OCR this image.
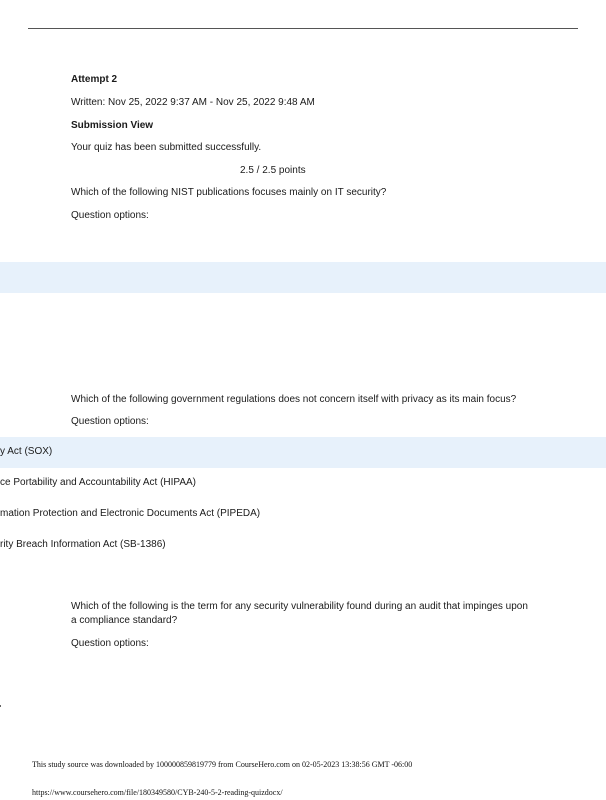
Attempt 2
Written: Nov 25, 2022 9:37 AM - Nov 25, 2022 9:48 AM
Submission View
Your quiz has been submitted successfully.
2.5 / 2.5 points
Which of the following NIST publications focuses mainly on IT security?
Question options:
Which of the following government regulations does not concern itself with privacy as its main focus?
Question options:
y Act (SOX)
ce Portability and Accountability Act (HIPAA)
mation Protection and Electronic Documents Act (PIPEDA)
rity Breach Information Act (SB-1386)
Which of the following is the term for any security vulnerability found during an audit that impinges upon a compliance standard?
Question options:
This study source was downloaded by 100000859819779 from CourseHero.com on 02-05-2023 13:38:56 GMT -06:00
https://www.coursehero.com/file/180349580/CYB-240-5-2-reading-quizdocx/
